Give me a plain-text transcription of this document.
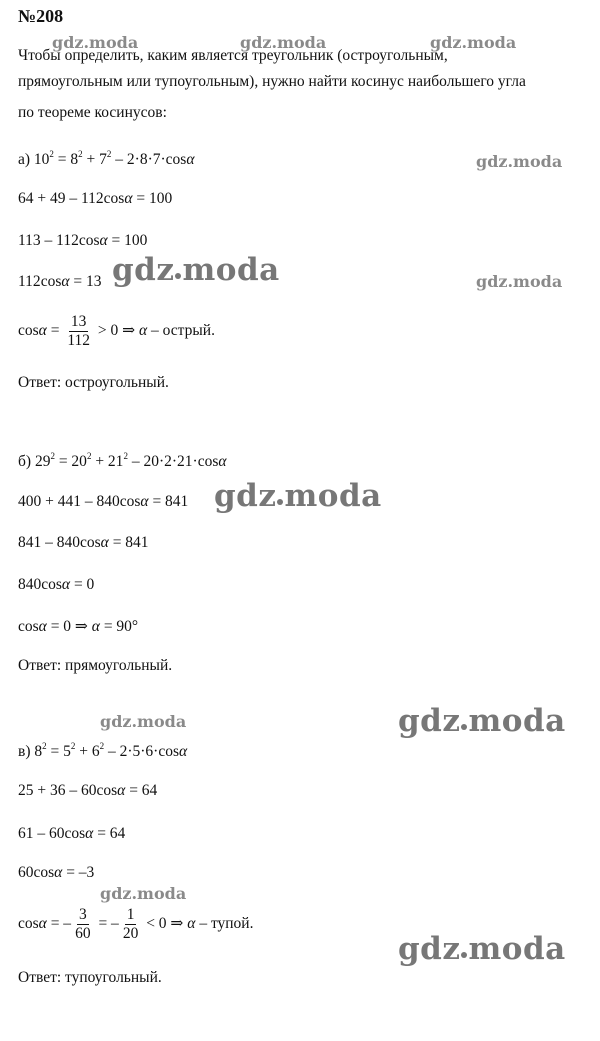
№208
Чтобы определить, каким является треугольник (остроугольным,
прямоугольным или тупоугольным), нужно найти косинус наибольшего угла
по теореме косинусов:
а) $10^2 = 8^2 + 7^2 - 2\cdot 8\cdot 7\cdot\cos\alpha$
64 + 49 – 112cosα = 100
113 – 112cosα = 100
112cosα = 13
$\cos\alpha = \frac{13}{112} > 0$ ⇒ α – острый.
Ответ: остроугольный.
б) $29^2 = 20^2 + 21^2 - 20\cdot 2\cdot 21\cdot\cos\alpha$
400 + 441 – 840cosα = 841
841 – 840cosα = 841
840cosα = 0
cosα = 0 ⇒ α = 90°
Ответ: прямоугольный.
в) $8^2 = 5^2 + 6^2 - 2\cdot 5\cdot 6\cdot\cos\alpha$
25 + 36 – 60cosα = 64
61 – 60cosα = 64
60cosα = –3
cosα = – $\frac{3}{60}$ = – $\frac{1}{20} < 0$ ⇒ α – тупой.
Ответ: тупоугольный.
gdz.moda	gdz.moda	gdz.moda
gdz.moda
gdz.moda
gdz.moda
gdz.moda
gdz moda
gdz moda
gdz moda
gdz moda
